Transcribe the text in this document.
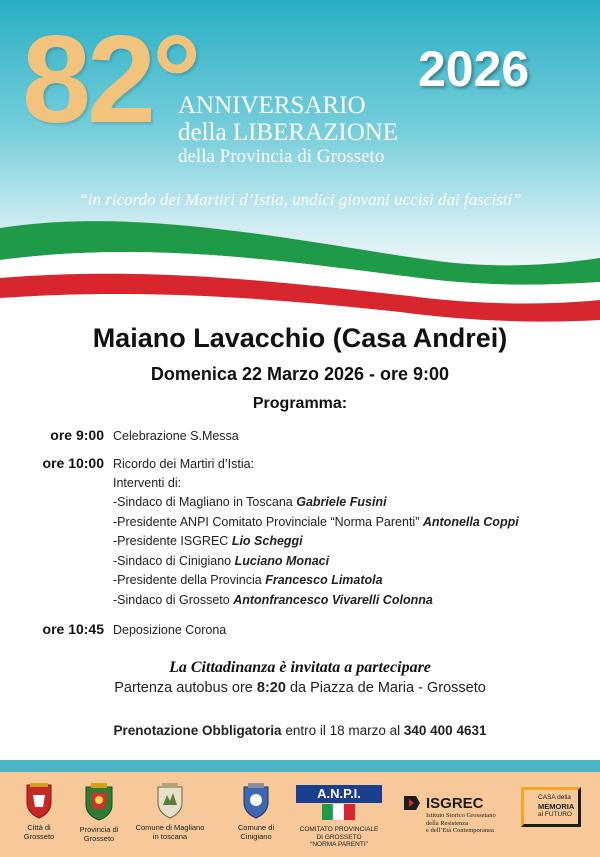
82°	2026
ANNIVERSARIO
della LIBERAZIONE
della Provincia di Grosseto
“in ricordo dei Martiri d’Istia, undici giovani uccisi dai fascisti”
Maiano Lavacchio (Casa Andrei)
Domenica 22 Marzo 2026 - ore 9:00
Programma:
ore 9:00 Celebrazione S.Messa
ore 10:00 Ricordo dei Martiri d’Istia:
Interventi di:
-Sindaco di Magliano in Toscana Gabriele Fusini
-Presidente ANPI Comitato Provinciale “Norma Parenti” Antonella Coppi
-Presidente ISGREC Lio Scheggi
-Sindaco di Cinigiano Luciano Monaci
-Presidente della Provincia Francesco Limatola
-Sindaco di Grosseto Antonfrancesco Vivarelli Colonna
ore 10:45 Deposizione Corona
La Cittadinanza è invitata a partecipare
Partenza autobus ore 8:20 da Piazza de Maria - Grosseto
Prenotazione Obbligatoria entro il 18 marzo al 340 400 4631
Città di Grosseto
Provincia di Grosseto
Comune di Magliano in toscana
Comune di Cinigiano
A.N.P.I.
COMITATO PROVINCIALE
DI GROSSETO
“NORMA PARENTI”
ISGREC
Istituto Storico Grossetano
della Resistenza
e dell’Età Contemporanea
CASA della
MEMORIA
al FUTURO
